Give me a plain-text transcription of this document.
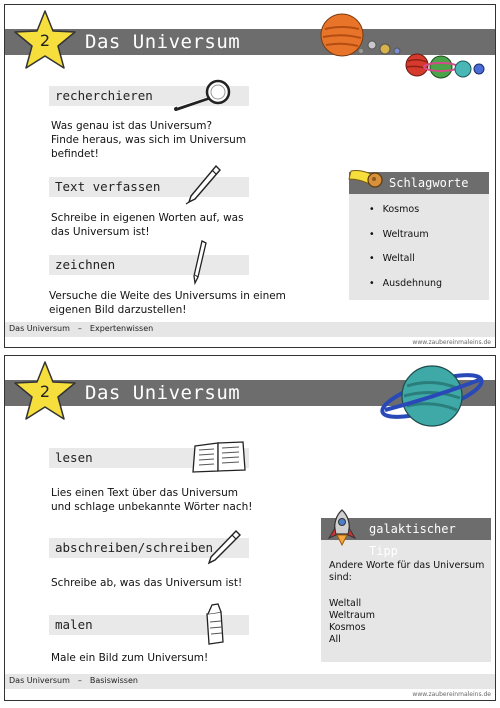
Das Universum
2
recherchieren
Was genau ist das Universum?
Finde heraus, was sich im Universum
befindet!
Text verfassen
Schreibe in eigenen Worten auf, was
das Universum ist!
zeichnen
Versuche die Weite des Universums in einem
eigenen Bild darzustellen!
Schlagworte
• Kosmos
• Weltraum
• Weltall
• Ausdehnung
Das Universum – Expertenwissen
www.zaubereinmaleins.de
Das Universum
2
lesen
Lies einen Text über das Universum
und schlage unbekannte Wörter nach!
abschreiben/schreiben
Schreibe ab, was das Universum ist!
malen
Male ein Bild zum Universum!
galaktischer Tipp
Andere Worte für das Universum
sind:
Weltall
Weltraum
Kosmos
All
Das Universum – Basiswissen
www.zaubereinmaleins.de
